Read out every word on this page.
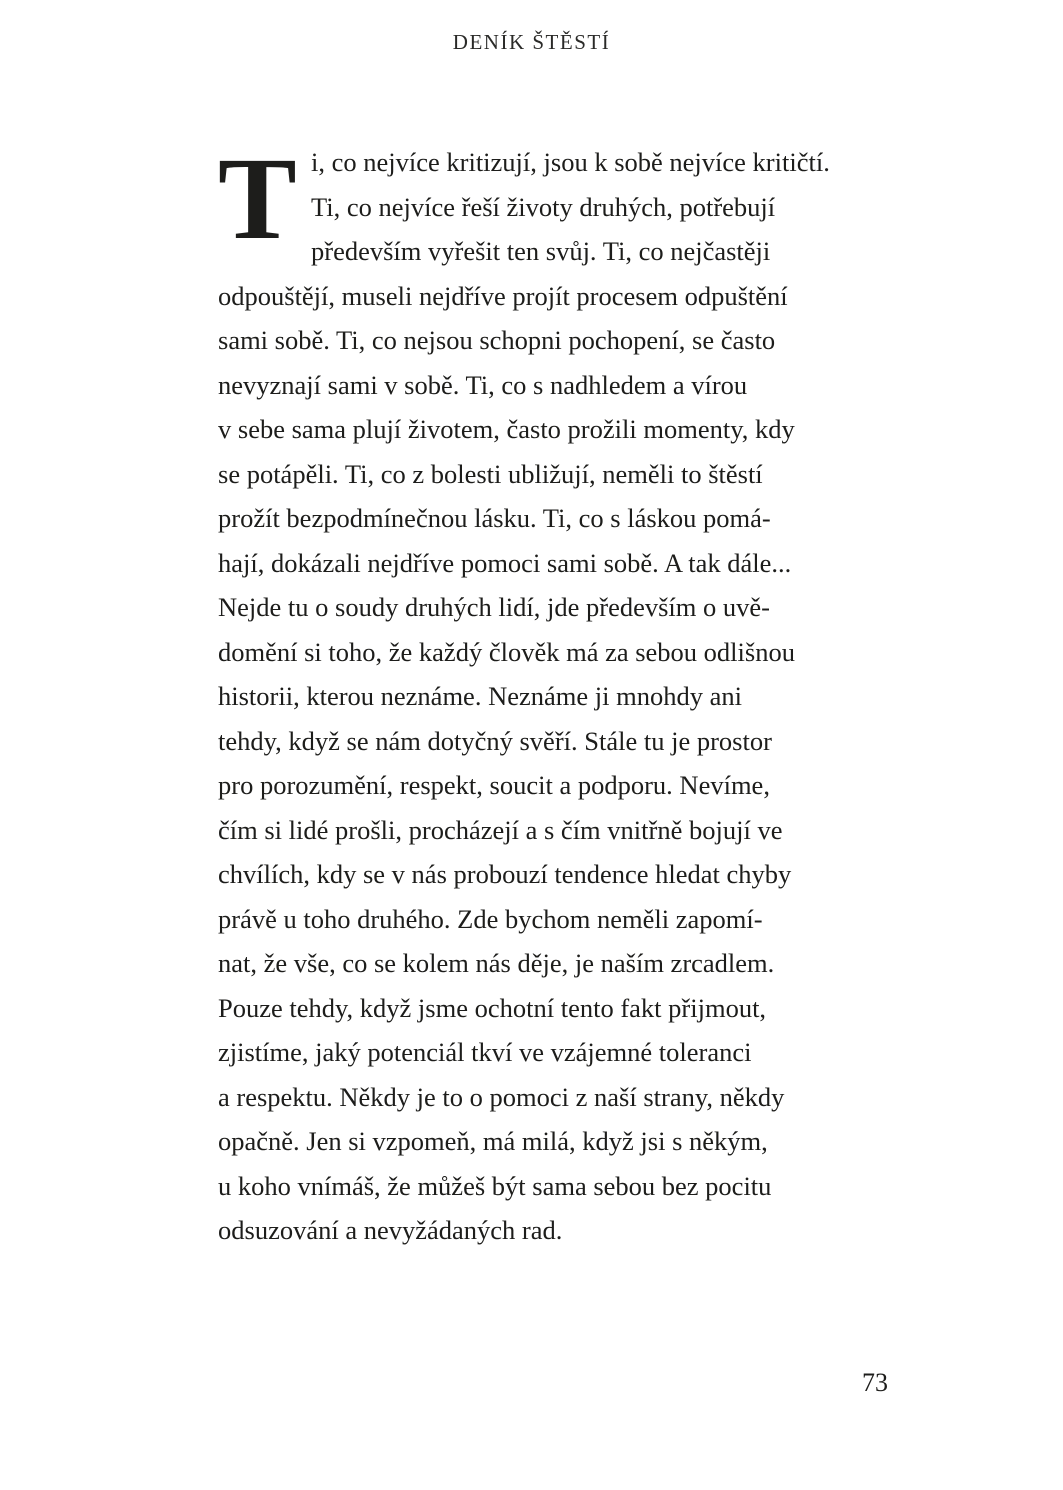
DENÍK ŠTĚSTÍ
T i, co nejvíce kritizují, jsou k sobě nejvíce kritičtí.
Ti, co nejvíce řeší životy druhých, potřebují
především vyřešit ten svůj. Ti, co nejčastěji
odpouštějí, museli nejdříve projít procesem odpuštění
sami sobě. Ti, co nejsou schopni pochopení, se často
nevyznají sami v sobě. Ti, co s nadhledem a vírou
v sebe sama plují životem, často prožili momenty, kdy
se potápěli. Ti, co z bolesti ubližují, neměli to štěstí
prožít bezpodmínečnou lásku. Ti, co s láskou pomá-
hají, dokázali nejdříve pomoci sami sobě. A tak dále...
Nejde tu o soudy druhých lidí, jde především o uvě-
domění si toho, že každý člověk má za sebou odlišnou
historii, kterou neznáme. Neznáme ji mnohdy ani
tehdy, když se nám dotyčný svěří. Stále tu je prostor
pro porozumění, respekt, soucit a podporu. Nevíme,
čím si lidé prošli, procházejí a s čím vnitřně bojují ve
chvílích, kdy se v nás probouzí tendence hledat chyby
právě u toho druhého. Zde bychom neměli zapomí-
nat, že vše, co se kolem nás děje, je naším zrcadlem.
Pouze tehdy, když jsme ochotní tento fakt přijmout,
zjistíme, jaký potenciál tkví ve vzájemné toleranci
a respektu. Někdy je to o pomoci z naší strany, někdy
opačně. Jen si vzpomeň, má milá, když jsi s někým,
u koho vnímáš, že můžeš být sama sebou bez pocitu
odsuzování a nevyžádaných rad.
73
